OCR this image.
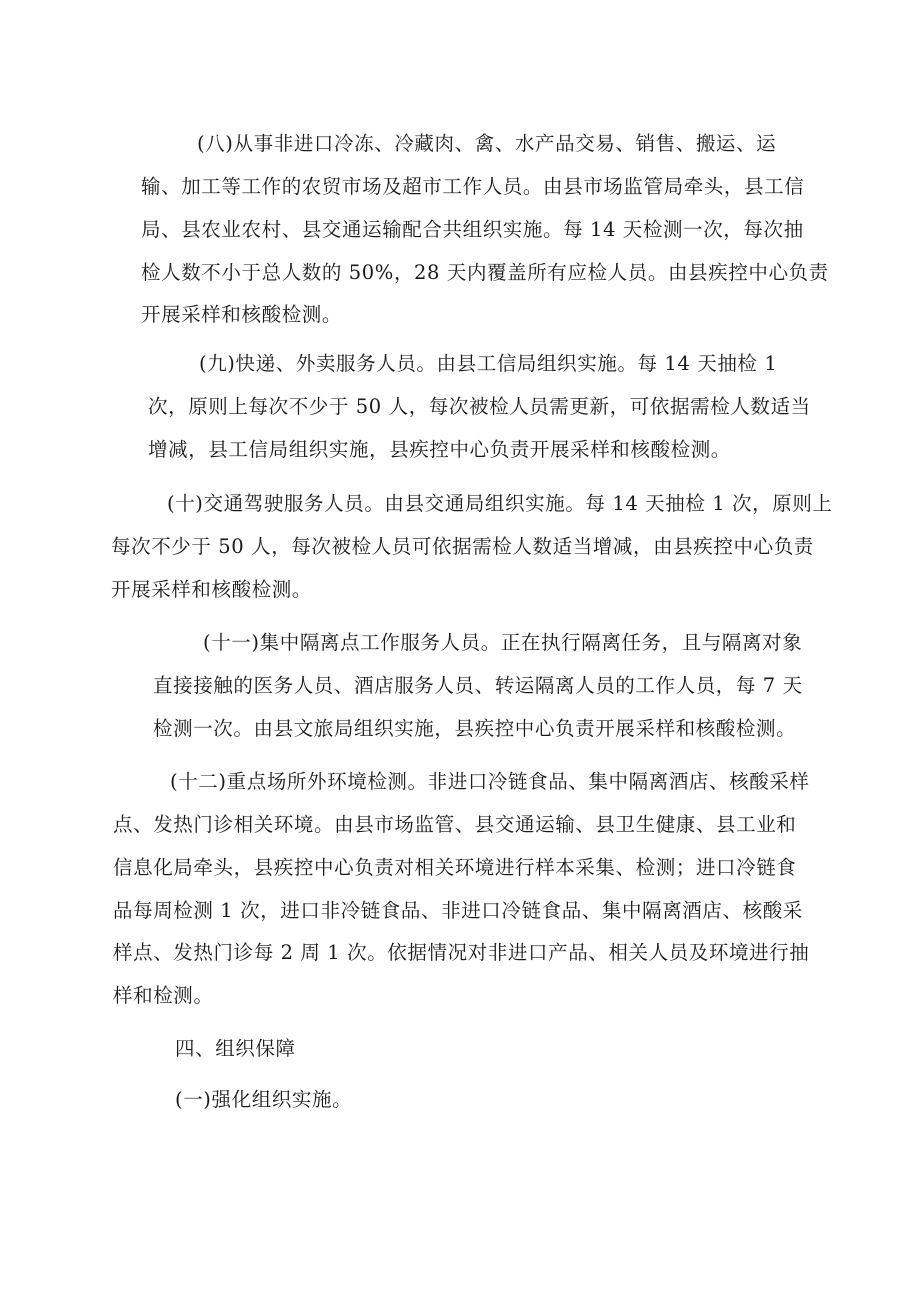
(八)从事非进口冷冻、冷藏肉、禽、水产品交易、销售、搬运、运
输、加工等工作的农贸市场及超市工作人员。由县市场监管局牵头，县工信
局、县农业农村、县交通运输配合共组织实施。每 14 天检测一次，每次抽
检人数不小于总人数的 50%，28 天内覆盖所有应检人员。由县疾控中心负责
开展采样和核酸检测。
(九)快递、外卖服务人员。由县工信局组织实施。每 14 天抽检 1
次，原则上每次不少于 50 人，每次被检人员需更新，可依据需检人数适当
增减，县工信局组织实施，县疾控中心负责开展采样和核酸检测。
(十)交通驾驶服务人员。由县交通局组织实施。每 14 天抽检 1 次，原则上
每次不少于 50 人，每次被检人员可依据需检人数适当增减，由县疾控中心负责
开展采样和核酸检测。
(十一)集中隔离点工作服务人员。正在执行隔离任务，且与隔离对象
直接接触的医务人员、酒店服务人员、转运隔离人员的工作人员，每 7 天
检测一次。由县文旅局组织实施，县疾控中心负责开展采样和核酸检测。
(十二)重点场所外环境检测。非进口冷链食品、集中隔离酒店、核酸采样
点、发热门诊相关环境。由县市场监管、县交通运输、县卫生健康、县工业和
信息化局牵头，县疾控中心负责对相关环境进行样本采集、检测；进口冷链食
品每周检测 1 次，进口非冷链食品、非进口冷链食品、集中隔离酒店、核酸采
样点、发热门诊每 2 周 1 次。依据情况对非进口产品、相关人员及环境进行抽
样和检测。
四、组织保障
(一)强化组织实施。
